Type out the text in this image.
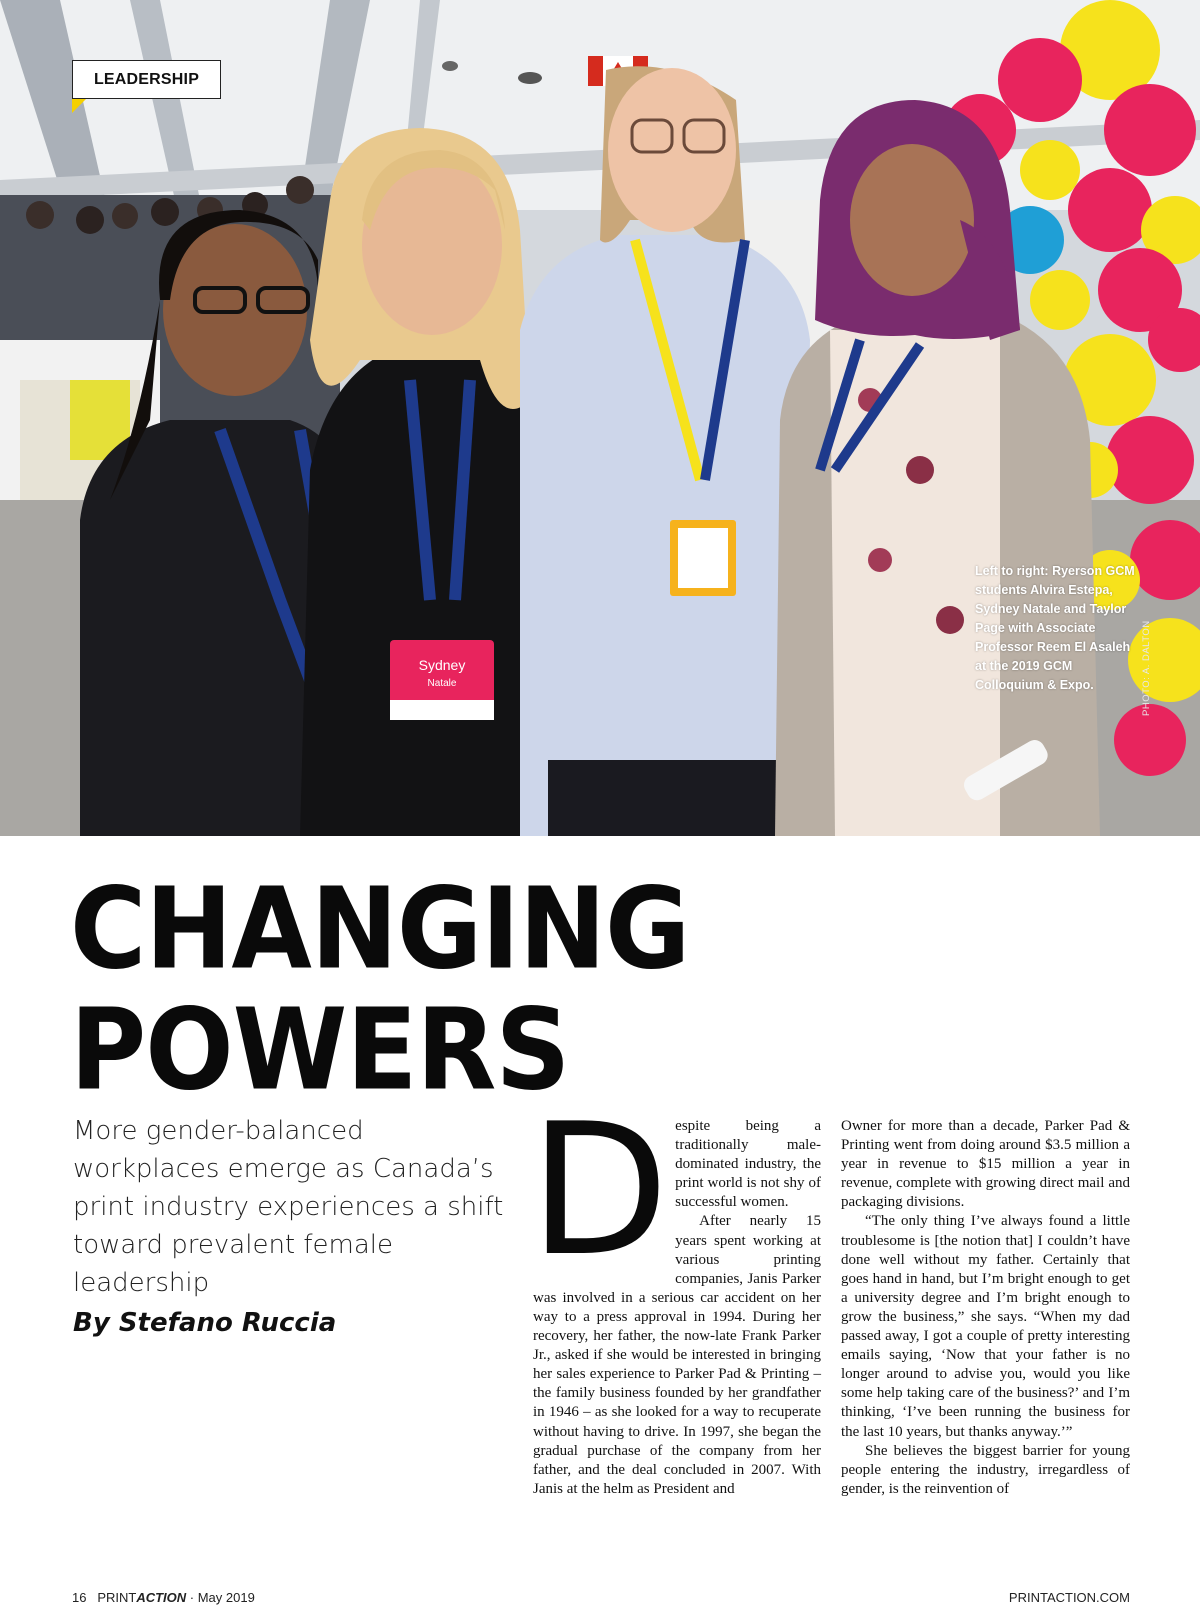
Sydney
Natale
LEADERSHIP
Left to right: Ryerson GCM students Alvira Estepa, Sydney Natale and Taylor Page with Associate Professor Reem El Asaleh at the 2019 GCM Colloquium & Expo.	PHOTO: A. DALTON
CHANGING
POWERS
More gender-balanced workplaces emerge as Canada’s print industry experiences a shift toward prevalent female leadership
By Stefano Ruccia
D espite being a traditionally male-dominated industry, the print world is not shy of successful women.

After nearly 15 years spent working at various printing companies, Janis Parker was involved in a serious car accident on her way to a press approval in 1994. During her recovery, her father, the now-late Frank Parker Jr., asked if she would be interested in bringing her sales experience to Parker Pad & Printing – the family business founded by her grandfather in 1946 – as she looked for a way to recuperate without having to drive. In 1997, she began the gradual purchase of the company from her father, and the deal concluded in 2007. With Janis at the helm as President and

Owner for more than a decade, Parker Pad & Printing went from doing around $3.5 million a year in revenue to $15 million a year in revenue, complete with growing direct mail and packaging divisions.

“The only thing I’ve always found a little troublesome is [the notion that] I couldn’t have done well without my father. Certainly that goes hand in hand, but I’m bright enough to get a university degree and I’m bright enough to grow the business,” she says. “When my dad passed away, I got a couple of pretty interesting emails saying, ‘Now that your father is no longer around to advise you, would you like some help taking care of the business?’ and I’m thinking, ‘I’ve been running the business for the last 10 years, but thanks anyway.’”

She believes the biggest barrier for young people entering the industry, irregardless of gender, is the reinvention of

16 PRINTACTION · May 2019	PRINTACTION.COM
